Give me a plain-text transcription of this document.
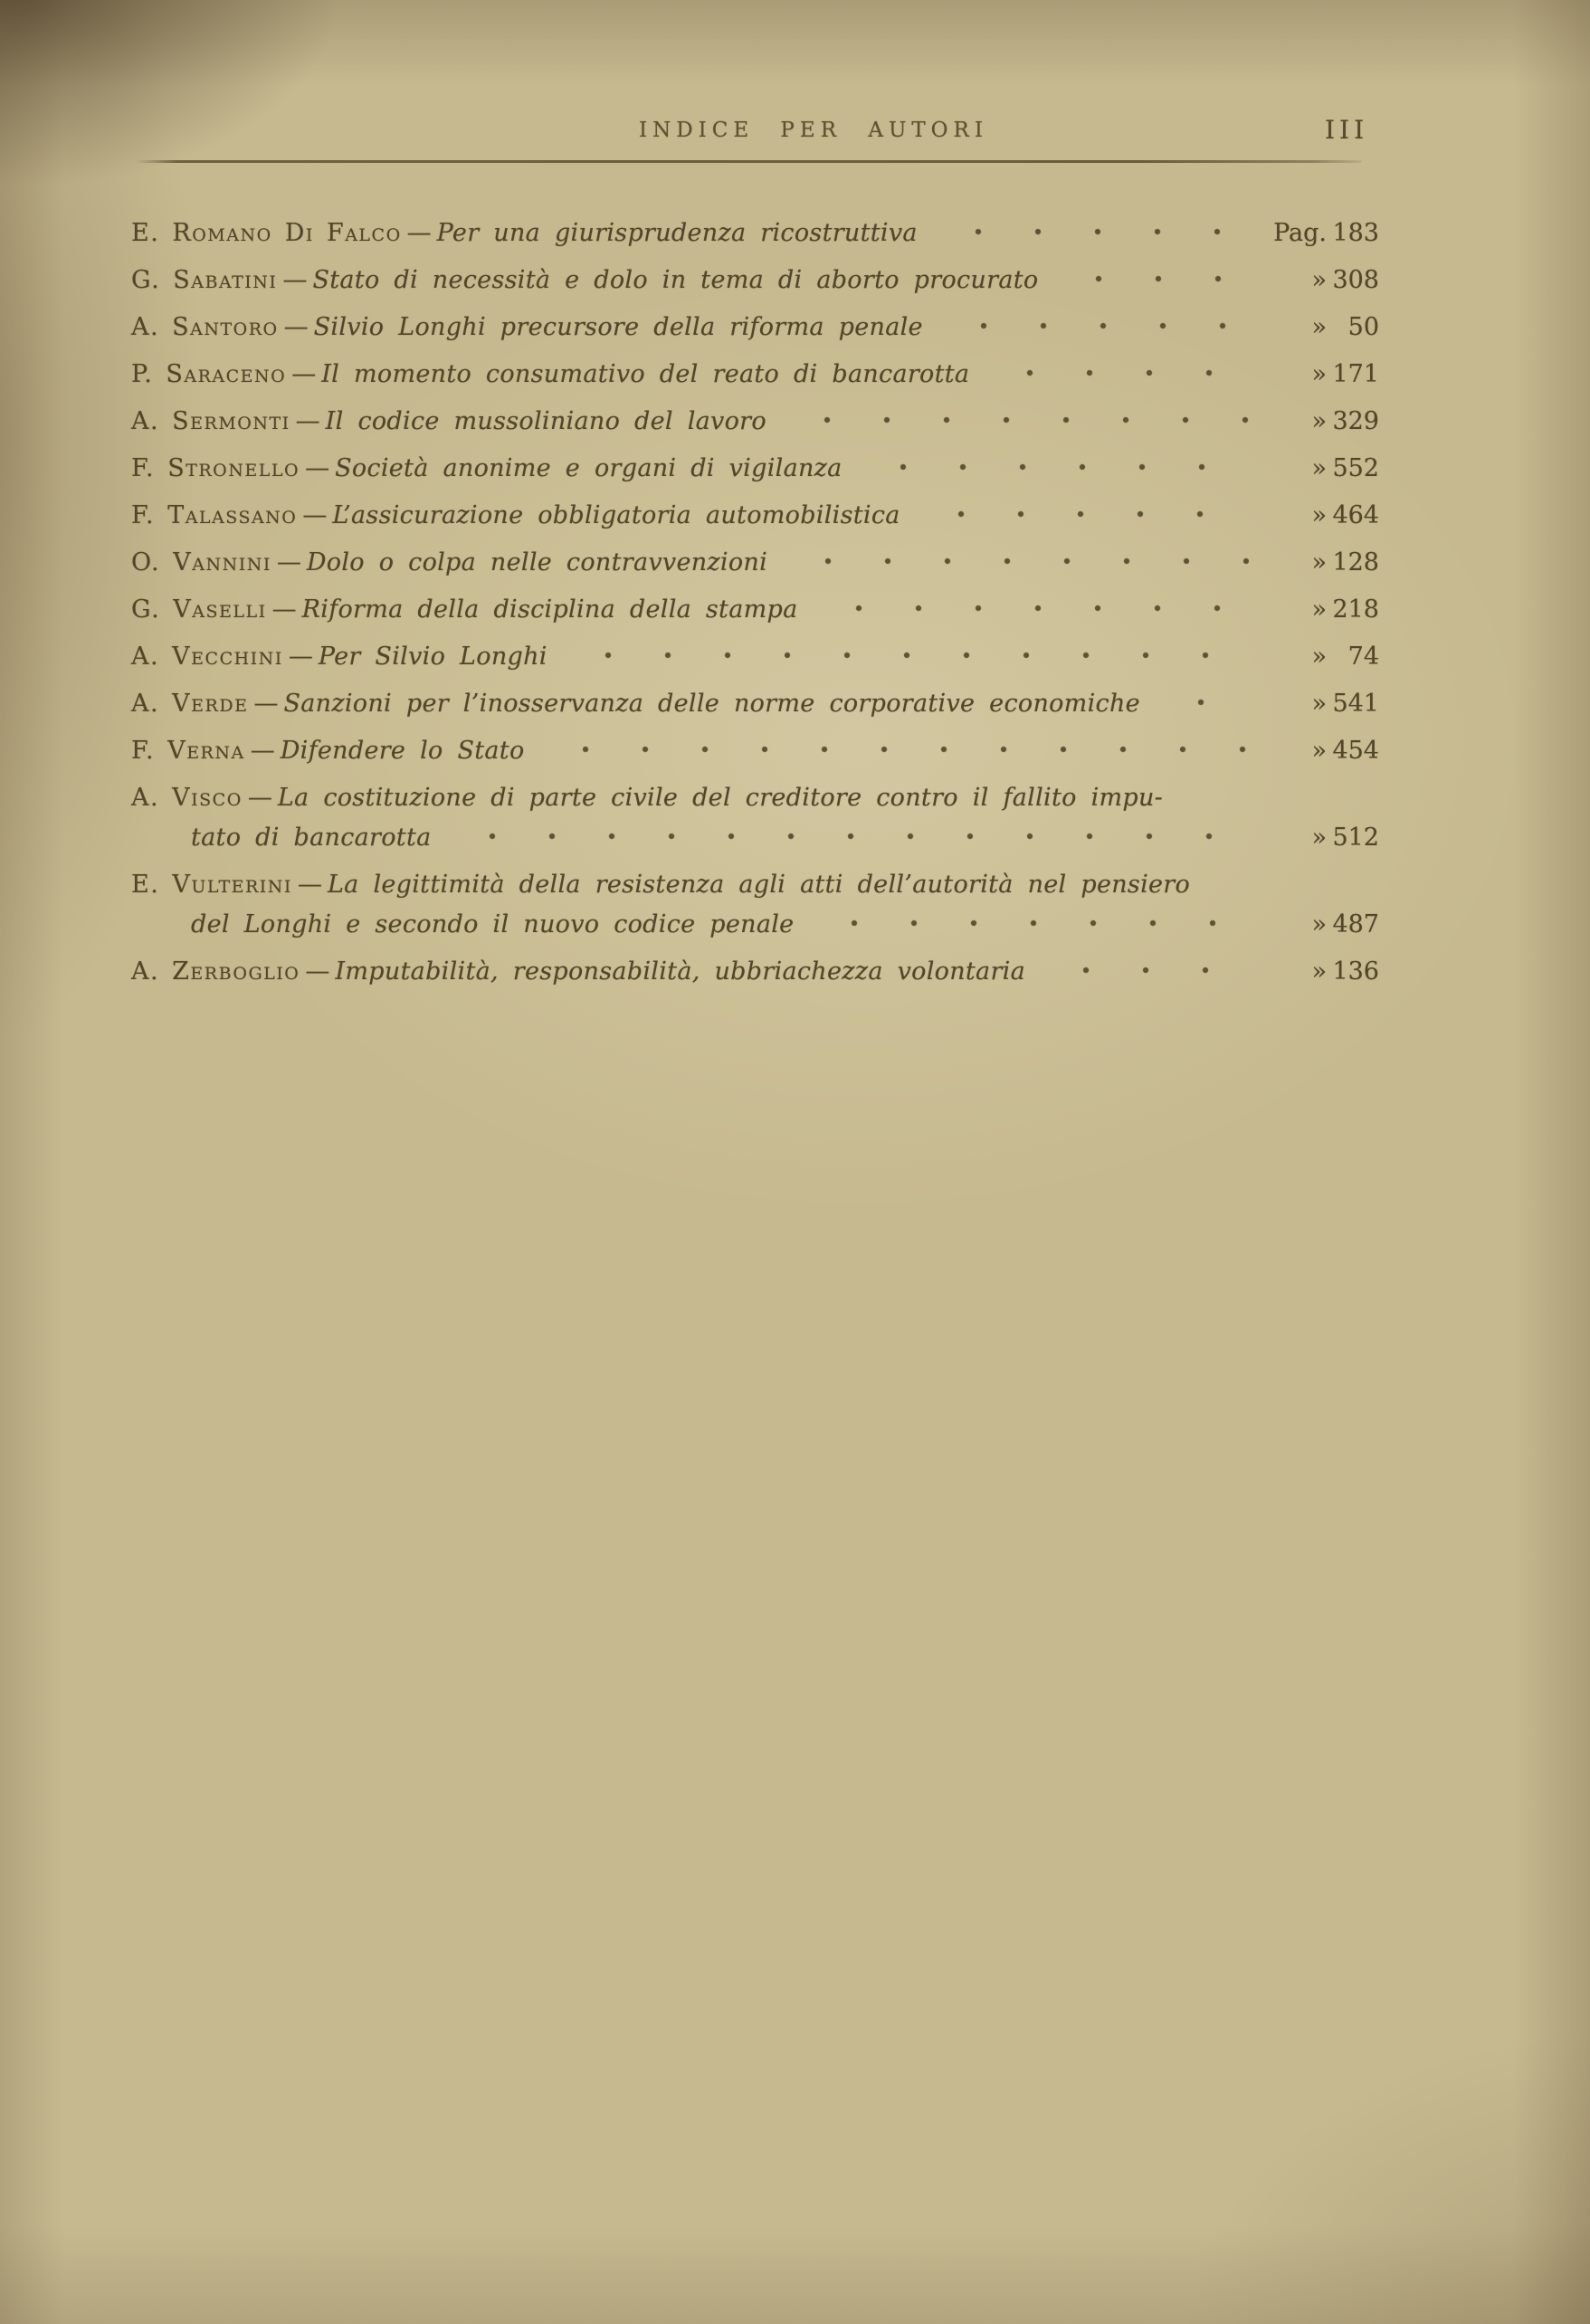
INDICE PER AUTORI	III
E. Romano Di Falco — Per una giurisprudenza ricostruttiva	Pag. 183
G. Sabatini — Stato di necessità e dolo in tema di aborto procurato	» 308
A. Santoro — Silvio Longhi precursore della riforma penale	» 50
P. Saraceno — Il momento consumativo del reato di bancarotta	» 171
A. Sermonti — Il codice mussoliniano del lavoro	» 329
F. Stronello — Società anonime e organi di vigilanza	» 552
F. Talassano — L’assicurazione obbligatoria automobilistica	» 464
O. Vannini — Dolo o colpa nelle contravvenzioni	» 128
G. Vaselli — Riforma della disciplina della stampa	» 218
A. Vecchini — Per Silvio Longhi	» 74
A. Verde — Sanzioni per l’inosservanza delle norme corporative economiche	» 541
F. Verna — Difendere lo Stato	» 454
A. Visco — La costituzione di parte civile del creditore contro il fallito impu-
tato di bancarotta	» 512
E. Vulterini — La legittimità della resistenza agli atti dell’autorità nel pensiero
del Longhi e secondo il nuovo codice penale	» 487
A. Zerboglio — Imputabilità, responsabilità, ubbriachezza volontaria	» 136
